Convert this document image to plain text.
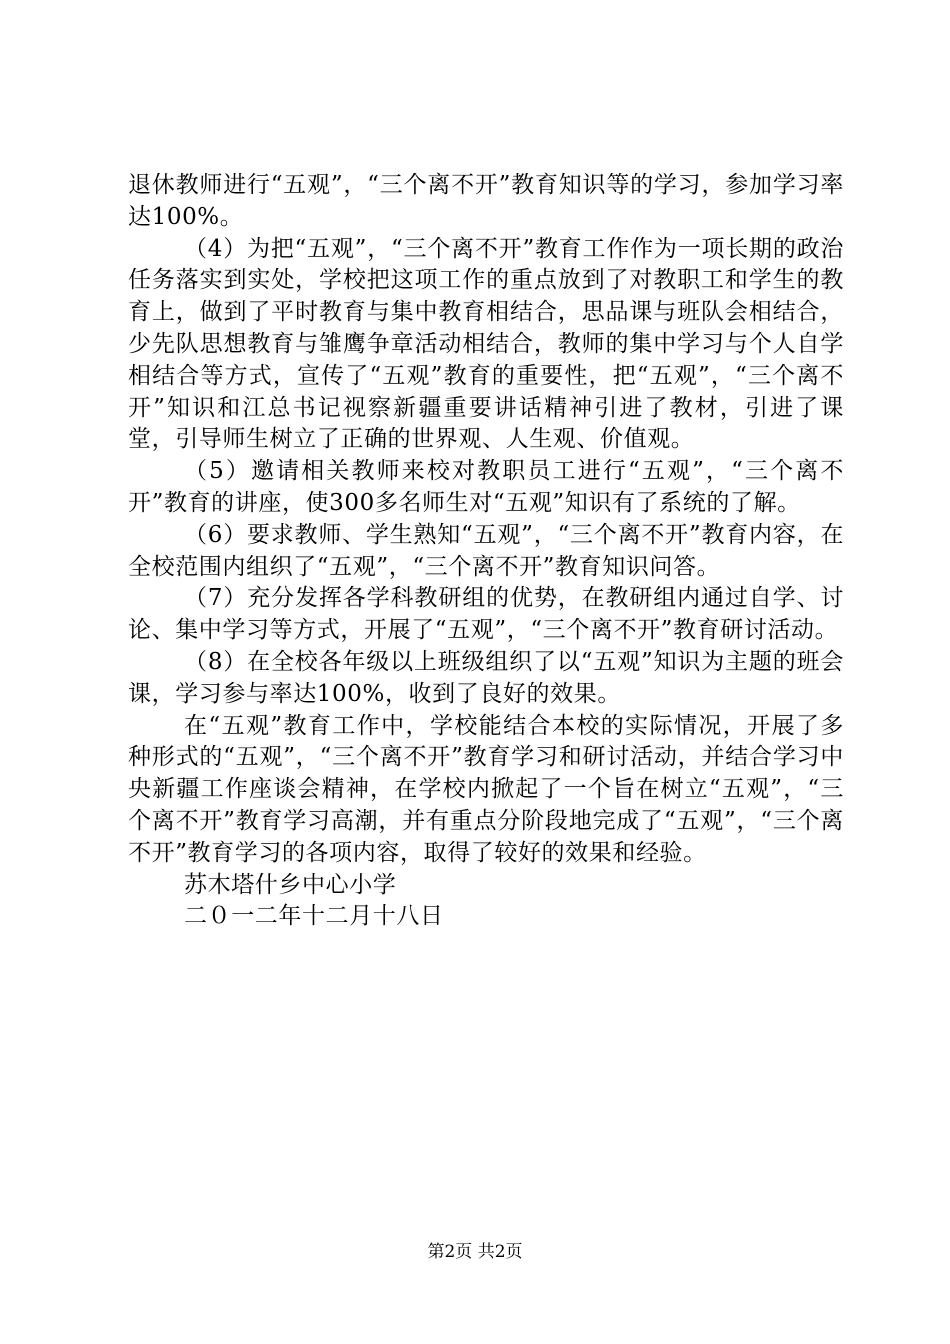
退休教师进行“五观”，“三个离不开”教育知识等的学习，参加学习率达100%。

（4）为把“五观”，“三个离不开”教育工作作为一项长期的政治任务落实到实处，学校把这项工作的重点放到了对教职工和学生的教育上，做到了平时教育与集中教育相结合，思品课与班队会相结合，少先队思想教育与雏鹰争章活动相结合，教师的集中学习与个人自学相结合等方式，宣传了“五观”教育的重要性，把“五观”，“三个离不开”知识和江总书记视察新疆重要讲话精神引进了教材，引进了课堂，引导师生树立了正确的世界观、人生观、价值观。

（5）邀请相关教师来校对教职员工进行“五观”，“三个离不开”教育的讲座，使300多名师生对“五观”知识有了系统的了解。

（6）要求教师、学生熟知“五观”，“三个离不开”教育内容，在全校范围内组织了“五观”，“三个离不开”教育知识问答。

（7）充分发挥各学科教研组的优势，在教研组内通过自学、讨论、集中学习等方式，开展了“五观”，“三个离不开”教育研讨活动。

（8）在全校各年级以上班级组织了以“五观”知识为主题的班会课，学习参与率达100%，收到了良好的效果。

在“五观”教育工作中，学校能结合本校的实际情况，开展了多种形式的“五观”，“三个离不开”教育学习和研讨活动，并结合学习中央新疆工作座谈会精神，在学校内掀起了一个旨在树立“五观”，“三个离不开”教育学习高潮，并有重点分阶段地完成了“五观”，“三个离不开”教育学习的各项内容，取得了较好的效果和经验。

苏木塔什乡中心小学

二０一二年十二月十八日

第2页 共2页
